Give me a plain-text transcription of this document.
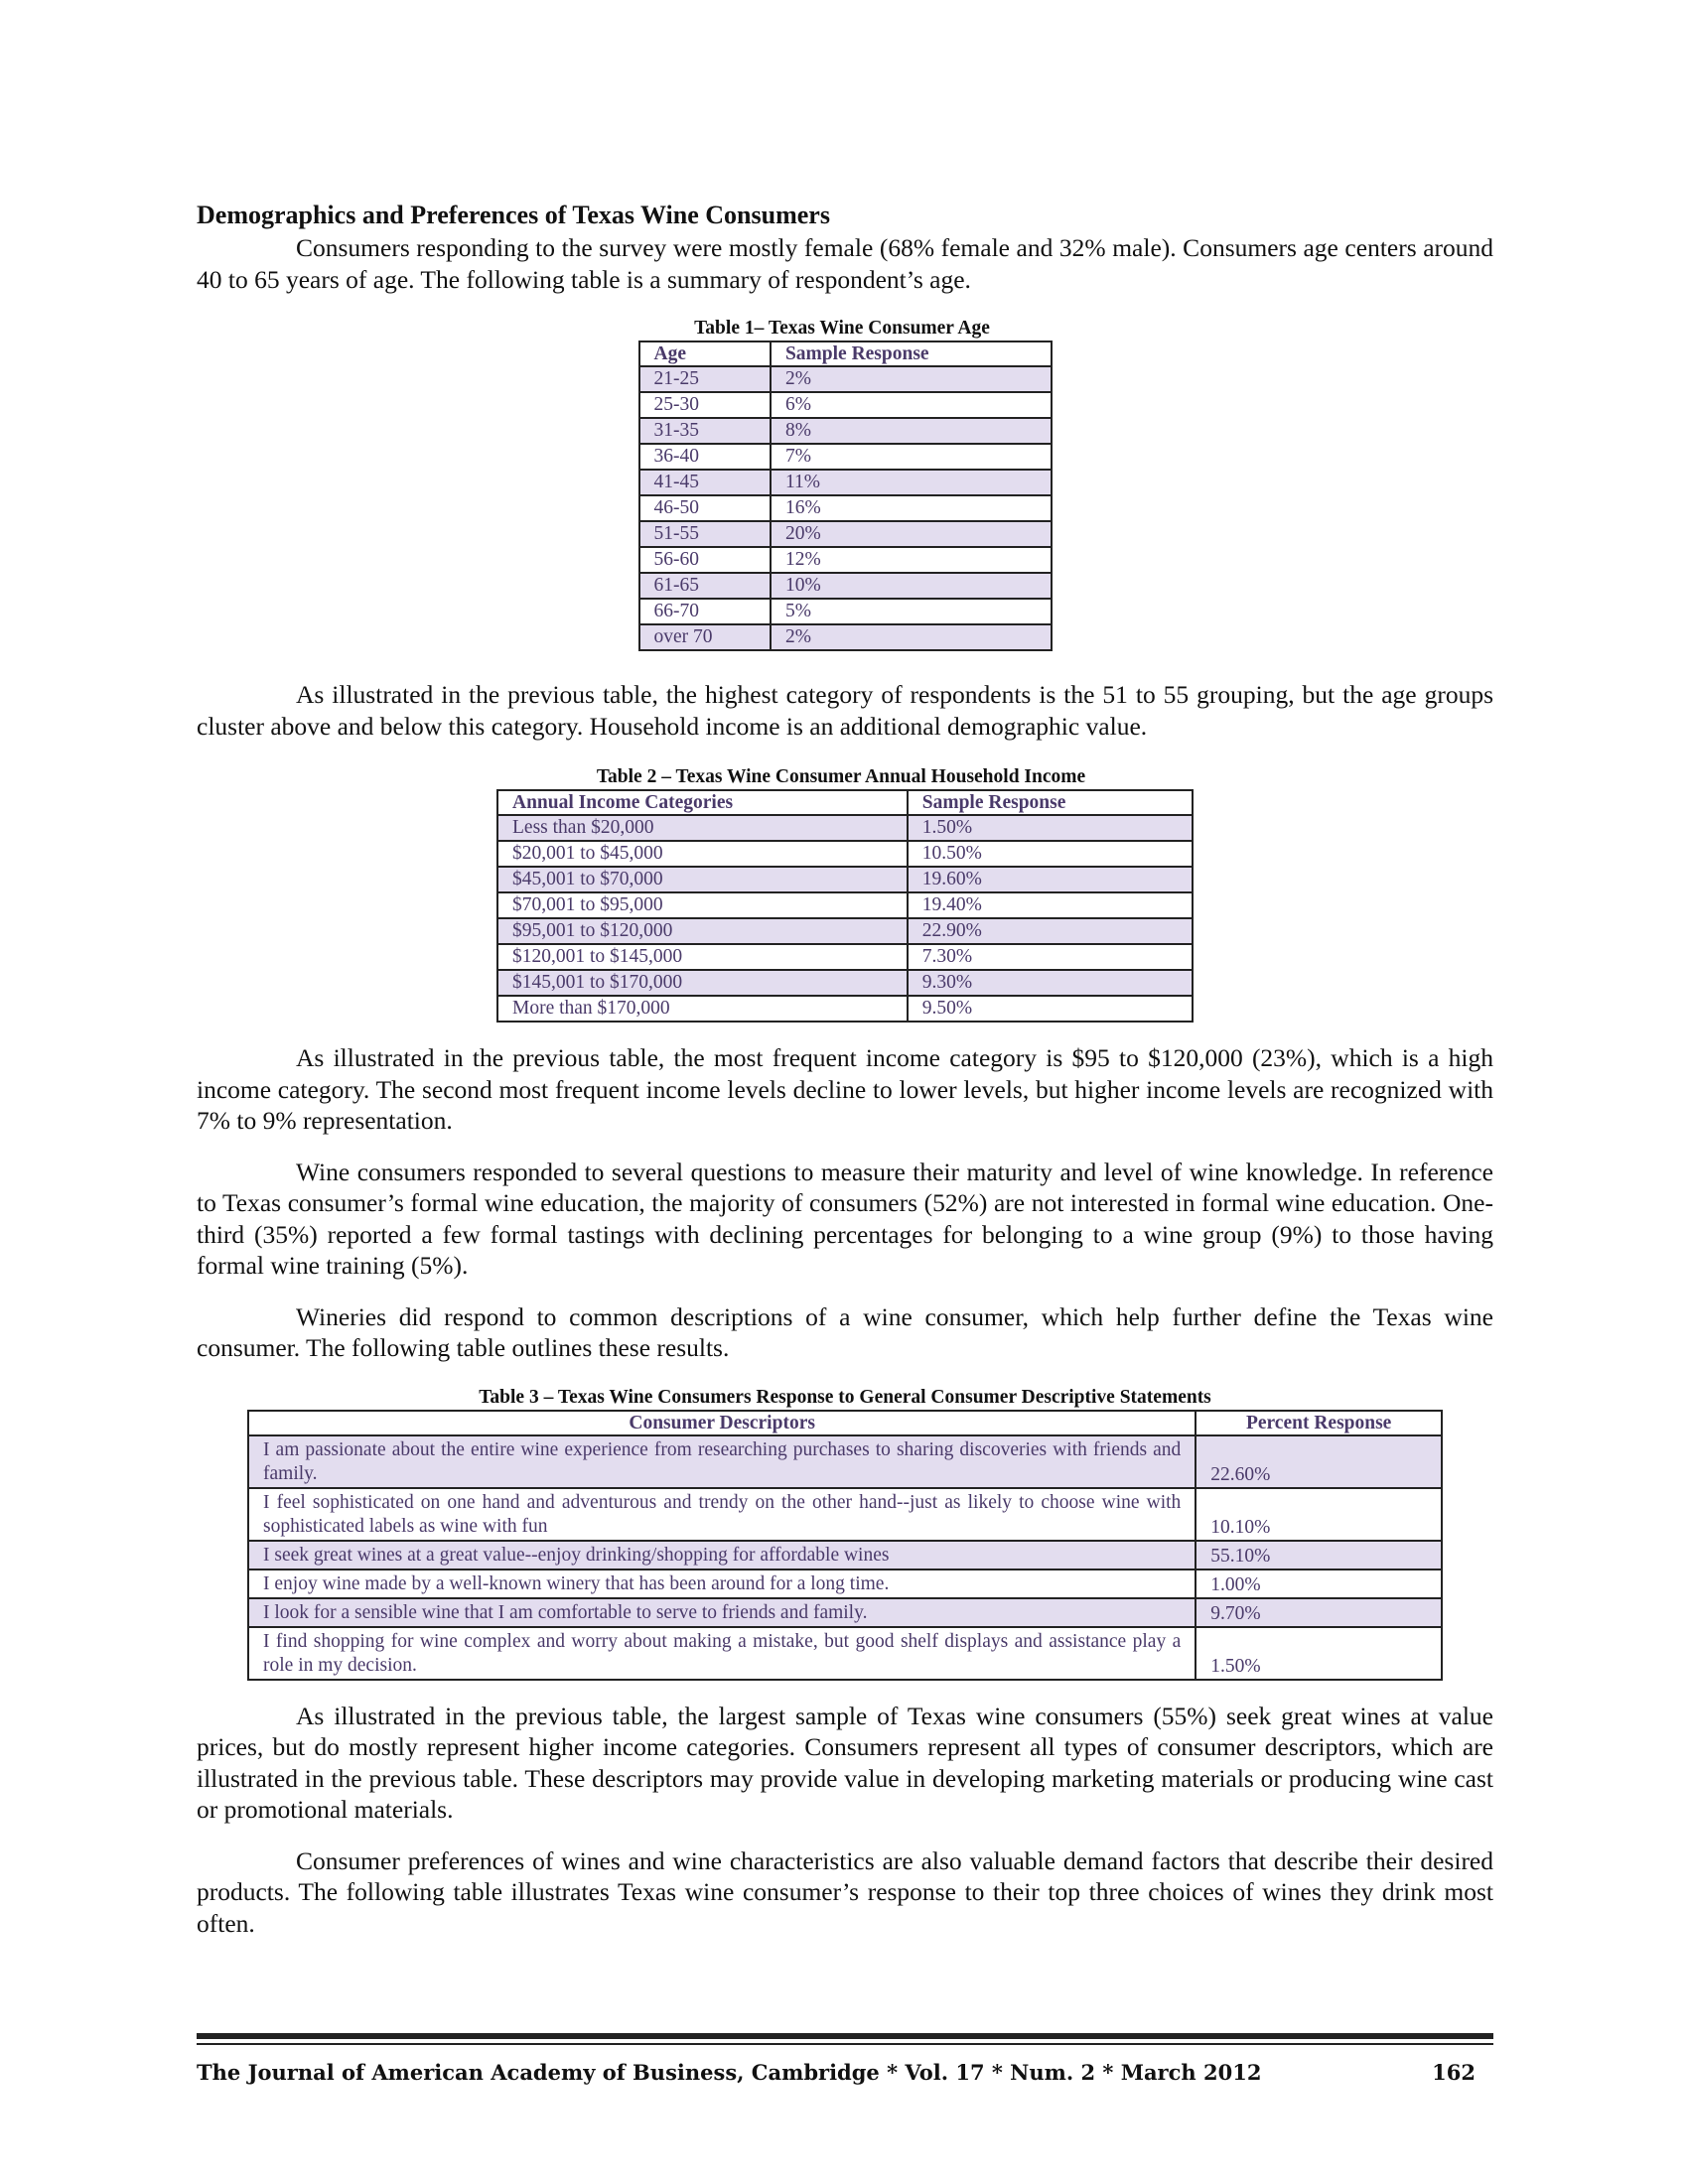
Demographics and Preferences of Texas Wine Consumers

Consumers responding to the survey were mostly female (68% female and 32% male). Consumers age centers around 40 to 65 years of age. The following table is a summary of respondent’s age.

Table 1– Texas Wine Consumer Age

Age	Sample Response
21-25	2%
25-30	6%
31-35	8%
36-40	7%
41-45	11%
46-50	16%
51-55	20%
56-60	12%
61-65	10%
66-70	5%
over 70	2%

As illustrated in the previous table, the highest category of respondents is the 51 to 55 grouping, but the age groups cluster above and below this category. Household income is an additional demographic value.

Table 2 – Texas Wine Consumer Annual Household Income

Annual Income Categories	Sample Response
Less than $20,000	1.50%
$20,001 to $45,000	10.50%
$45,001 to $70,000	19.60%
$70,001 to $95,000	19.40%
$95,001 to $120,000	22.90%
$120,001 to $145,000	7.30%
$145,001 to $170,000	9.30%
More than $170,000	9.50%

As illustrated in the previous table, the most frequent income category is $95 to $120,000 (23%), which is a high income category. The second most frequent income levels decline to lower levels, but higher income levels are recognized with 7% to 9% representation.

Wine consumers responded to several questions to measure their maturity and level of wine knowledge. In reference to Texas consumer’s formal wine education, the majority of consumers (52%) are not interested in formal wine education. One-third (35%) reported a few formal tastings with declining percentages for belonging to a wine group (9%) to those having formal wine training (5%).

Wineries did respond to common descriptions of a wine consumer, which help further define the Texas wine consumer. The following table outlines these results.

Table 3 – Texas Wine Consumers Response to General Consumer Descriptive Statements

Consumer Descriptors	Percent Response
I am passionate about the entire wine experience from researching purchases to sharing discoveries with friends and family.	22.60%
I feel sophisticated on one hand and adventurous and trendy on the other hand--just as likely to choose wine with sophisticated labels as wine with fun	10.10%
I seek great wines at a great value--enjoy drinking/shopping for affordable wines	55.10%
I enjoy wine made by a well-known winery that has been around for a long time.	1.00%
I look for a sensible wine that I am comfortable to serve to friends and family.	9.70%
I find shopping for wine complex and worry about making a mistake, but good shelf displays and assistance play a role in my decision.	1.50%

As illustrated in the previous table, the largest sample of Texas wine consumers (55%) seek great wines at value prices, but do mostly represent higher income categories. Consumers represent all types of consumer descriptors, which are illustrated in the previous table. These descriptors may provide value in developing marketing materials or producing wine cast or promotional materials.

Consumer preferences of wines and wine characteristics are also valuable demand factors that describe their desired products. The following table illustrates Texas wine consumer’s response to their top three choices of wines they drink most often.

The Journal of American Academy of Business, Cambridge * Vol. 17 * Num. 2 * March 2012	162
